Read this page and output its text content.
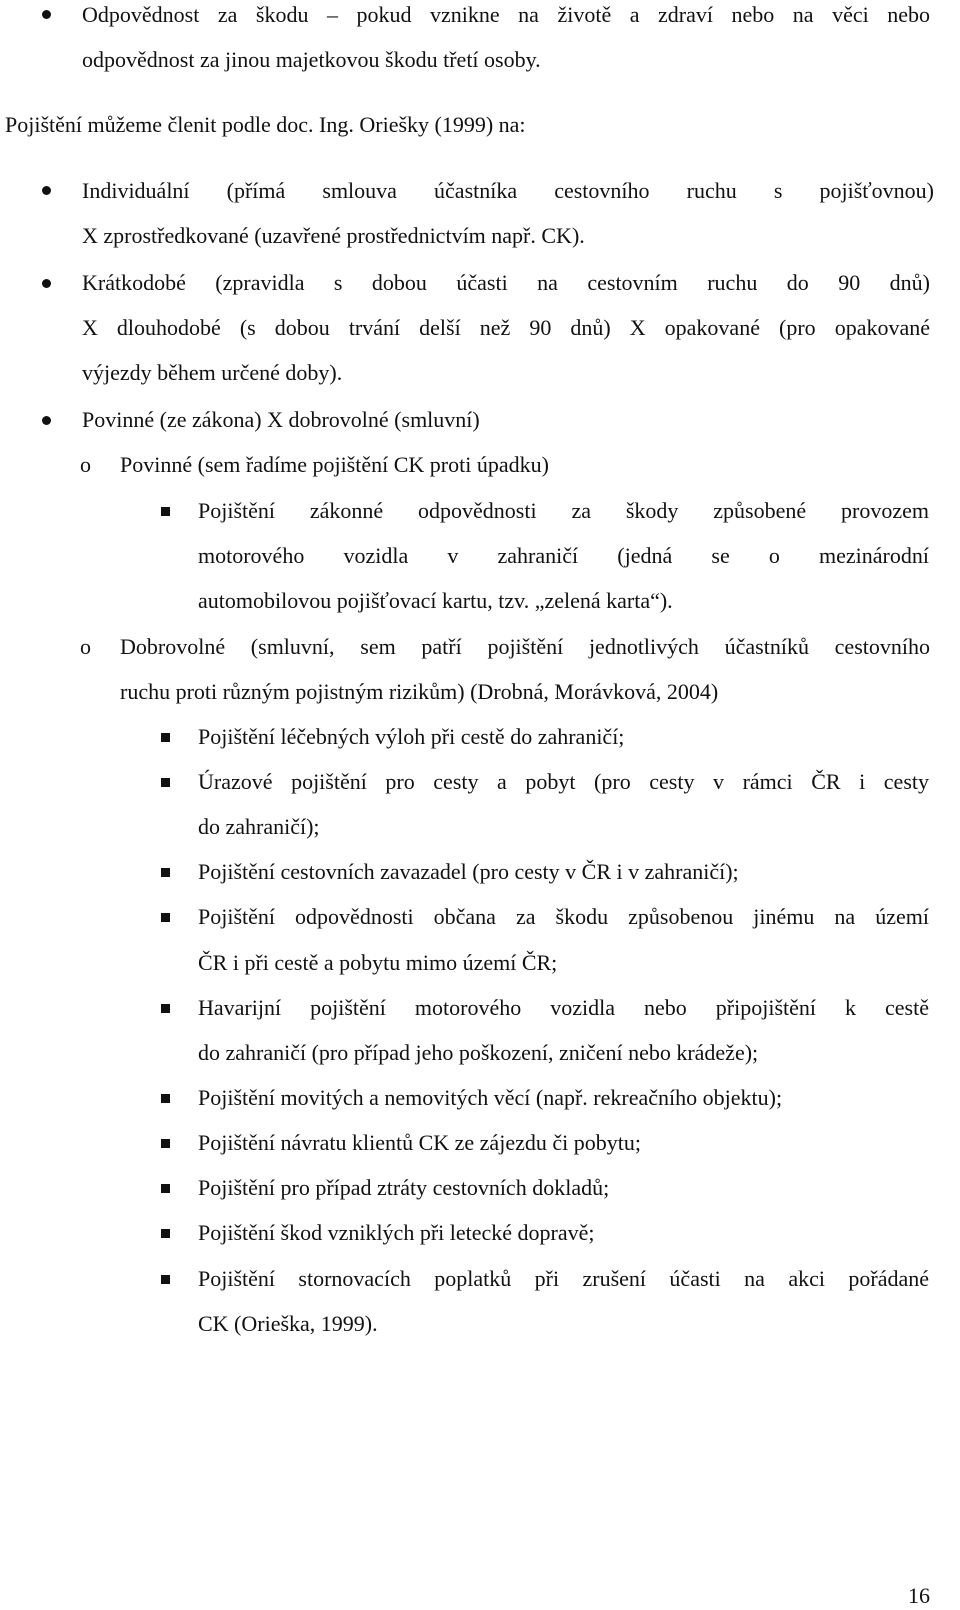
Odpovědnost za škodu – pokud vznikne na životě a zdraví nebo na věci nebo
odpovědnost za jinou majetkovou škodu třetí osoby.
Pojištění můžeme členit podle doc. Ing. Oriešky (1999) na:
Individuální (přímá smlouva účastníka cestovního ruchu s pojišťovnou)
X zprostředkované (uzavřené prostřednictvím např. CK).
Krátkodobé (zpravidla s dobou účasti na cestovním ruchu do 90 dnů)
X dlouhodobé (s dobou trvání delší než 90 dnů) X opakované (pro opakované
výjezdy během určené doby).
Povinné (ze zákona) X dobrovolné (smluvní)
o Povinné (sem řadíme pojištění CK proti úpadku)
Pojištění zákonné odpovědnosti za škody způsobené provozem
motorového vozidla v zahraničí (jedná se o mezinárodní
automobilovou pojišťovací kartu, tzv. „zelená karta“).
o Dobrovolné (smluvní, sem patří pojištění jednotlivých účastníků cestovního
ruchu proti různým pojistným rizikům) (Drobná, Morávková, 2004)
Pojištění léčebných výloh při cestě do zahraničí;
Úrazové pojištění pro cesty a pobyt (pro cesty v rámci ČR i cesty
do zahraničí);
Pojištění cestovních zavazadel (pro cesty v ČR i v zahraničí);
Pojištění odpovědnosti občana za škodu způsobenou jinému na území
ČR i při cestě a pobytu mimo území ČR;
Havarijní pojištění motorového vozidla nebo připojištění k cestě
do zahraničí (pro případ jeho poškození, zničení nebo krádeže);
Pojištění movitých a nemovitých věcí (např. rekreačního objektu);
Pojištění návratu klientů CK ze zájezdu či pobytu;
Pojištění pro případ ztráty cestovních dokladů;
Pojištění škod vzniklých při letecké dopravě;
Pojištění stornovacích poplatků při zrušení účasti na akci pořádané
CK (Orieška, 1999).
16
